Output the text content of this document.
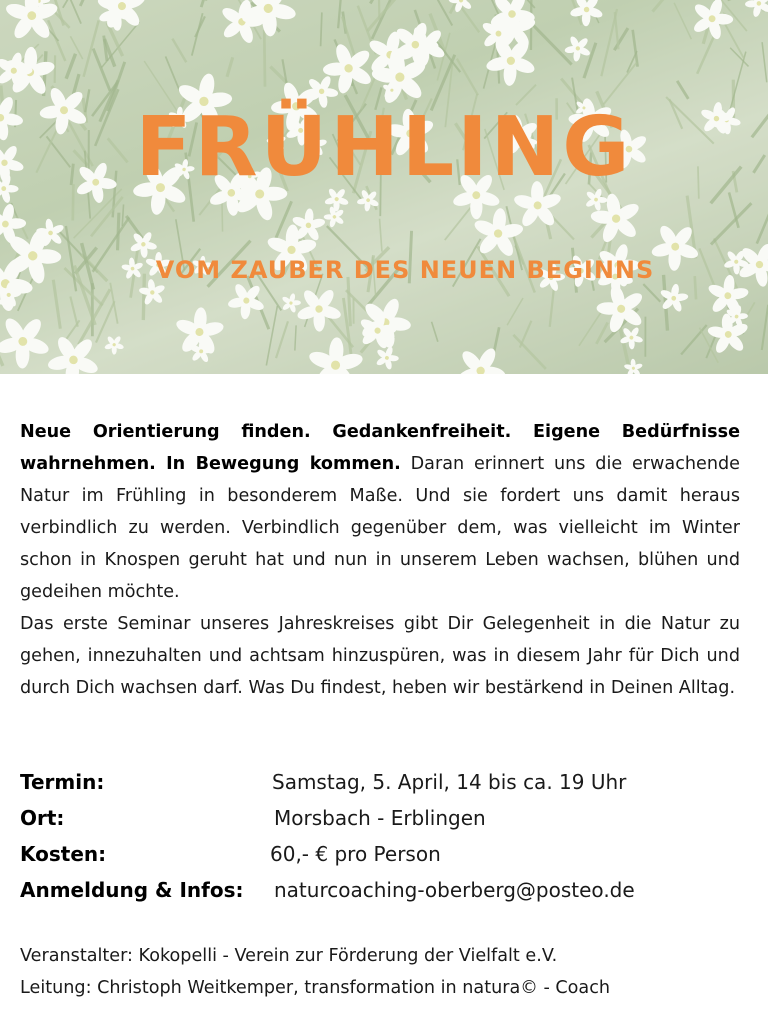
FRÜHLING
VOM ZAUBER DES NEUEN BEGINNS

Neue Orientierung finden. Gedankenfreiheit. Eigene Bedürfnisse wahrnehmen. In Bewegung kommen. Daran erinnert uns die erwachende Natur im Frühling in besonderem Maße. Und sie fordert uns damit heraus verbindlich zu werden. Verbindlich gegenüber dem, was vielleicht im Winter schon in Knospen geruht hat und nun in unserem Leben wachsen, blühen und gedeihen möchte.

Das erste Seminar unseres Jahreskreises gibt Dir Gelegenheit in die Natur zu gehen, innezuhalten und achtsam hinzuspüren, was in diesem Jahr für Dich und durch Dich wachsen darf. Was Du findest, heben wir bestärkend in Deinen Alltag.

Termin:	Samstag, 5. April, 14 bis ca. 19 Uhr
Ort:	Morsbach - Erblingen
Kosten:	60,- € pro Person
Anmeldung & Infos: naturcoaching-oberberg@posteo.de
Veranstalter: Kokopelli - Verein zur Förderung der Vielfalt e.V.
Leitung: Christoph Weitkemper, transformation in natura© - Coach
